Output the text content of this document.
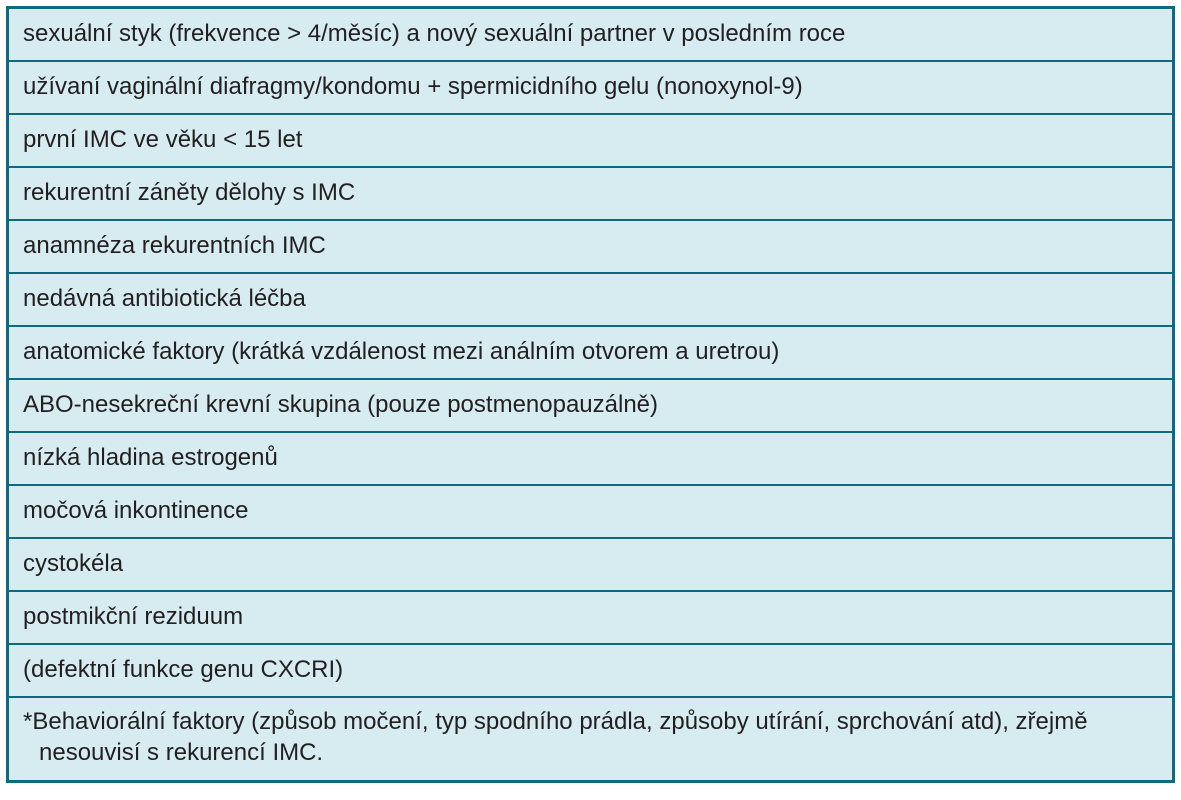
sexuální styk (frekvence > 4/měsíc) a nový sexuální partner v posledním roce
užívaní vaginální diafragmy/kondomu + spermicidního gelu (nonoxynol-9)
první IMC ve věku < 15 let
rekurentní záněty dělohy s IMC
anamnéza rekurentních IMC
nedávná antibiotická léčba
anatomické faktory (krátká vzdálenost mezi análním otvorem a uretrou)
ABO-nesekreční krevní skupina (pouze postmenopauzálně)
nízká hladina estrogenů
močová inkontinence
cystokéla
postmikční reziduum
(defektní funkce genu CXCRI)
*Behaviorální faktory (způsob močení, typ spodního prádla, způsoby utírání, sprchování atd), zřejmě nesouvisí s rekurencí IMC.
